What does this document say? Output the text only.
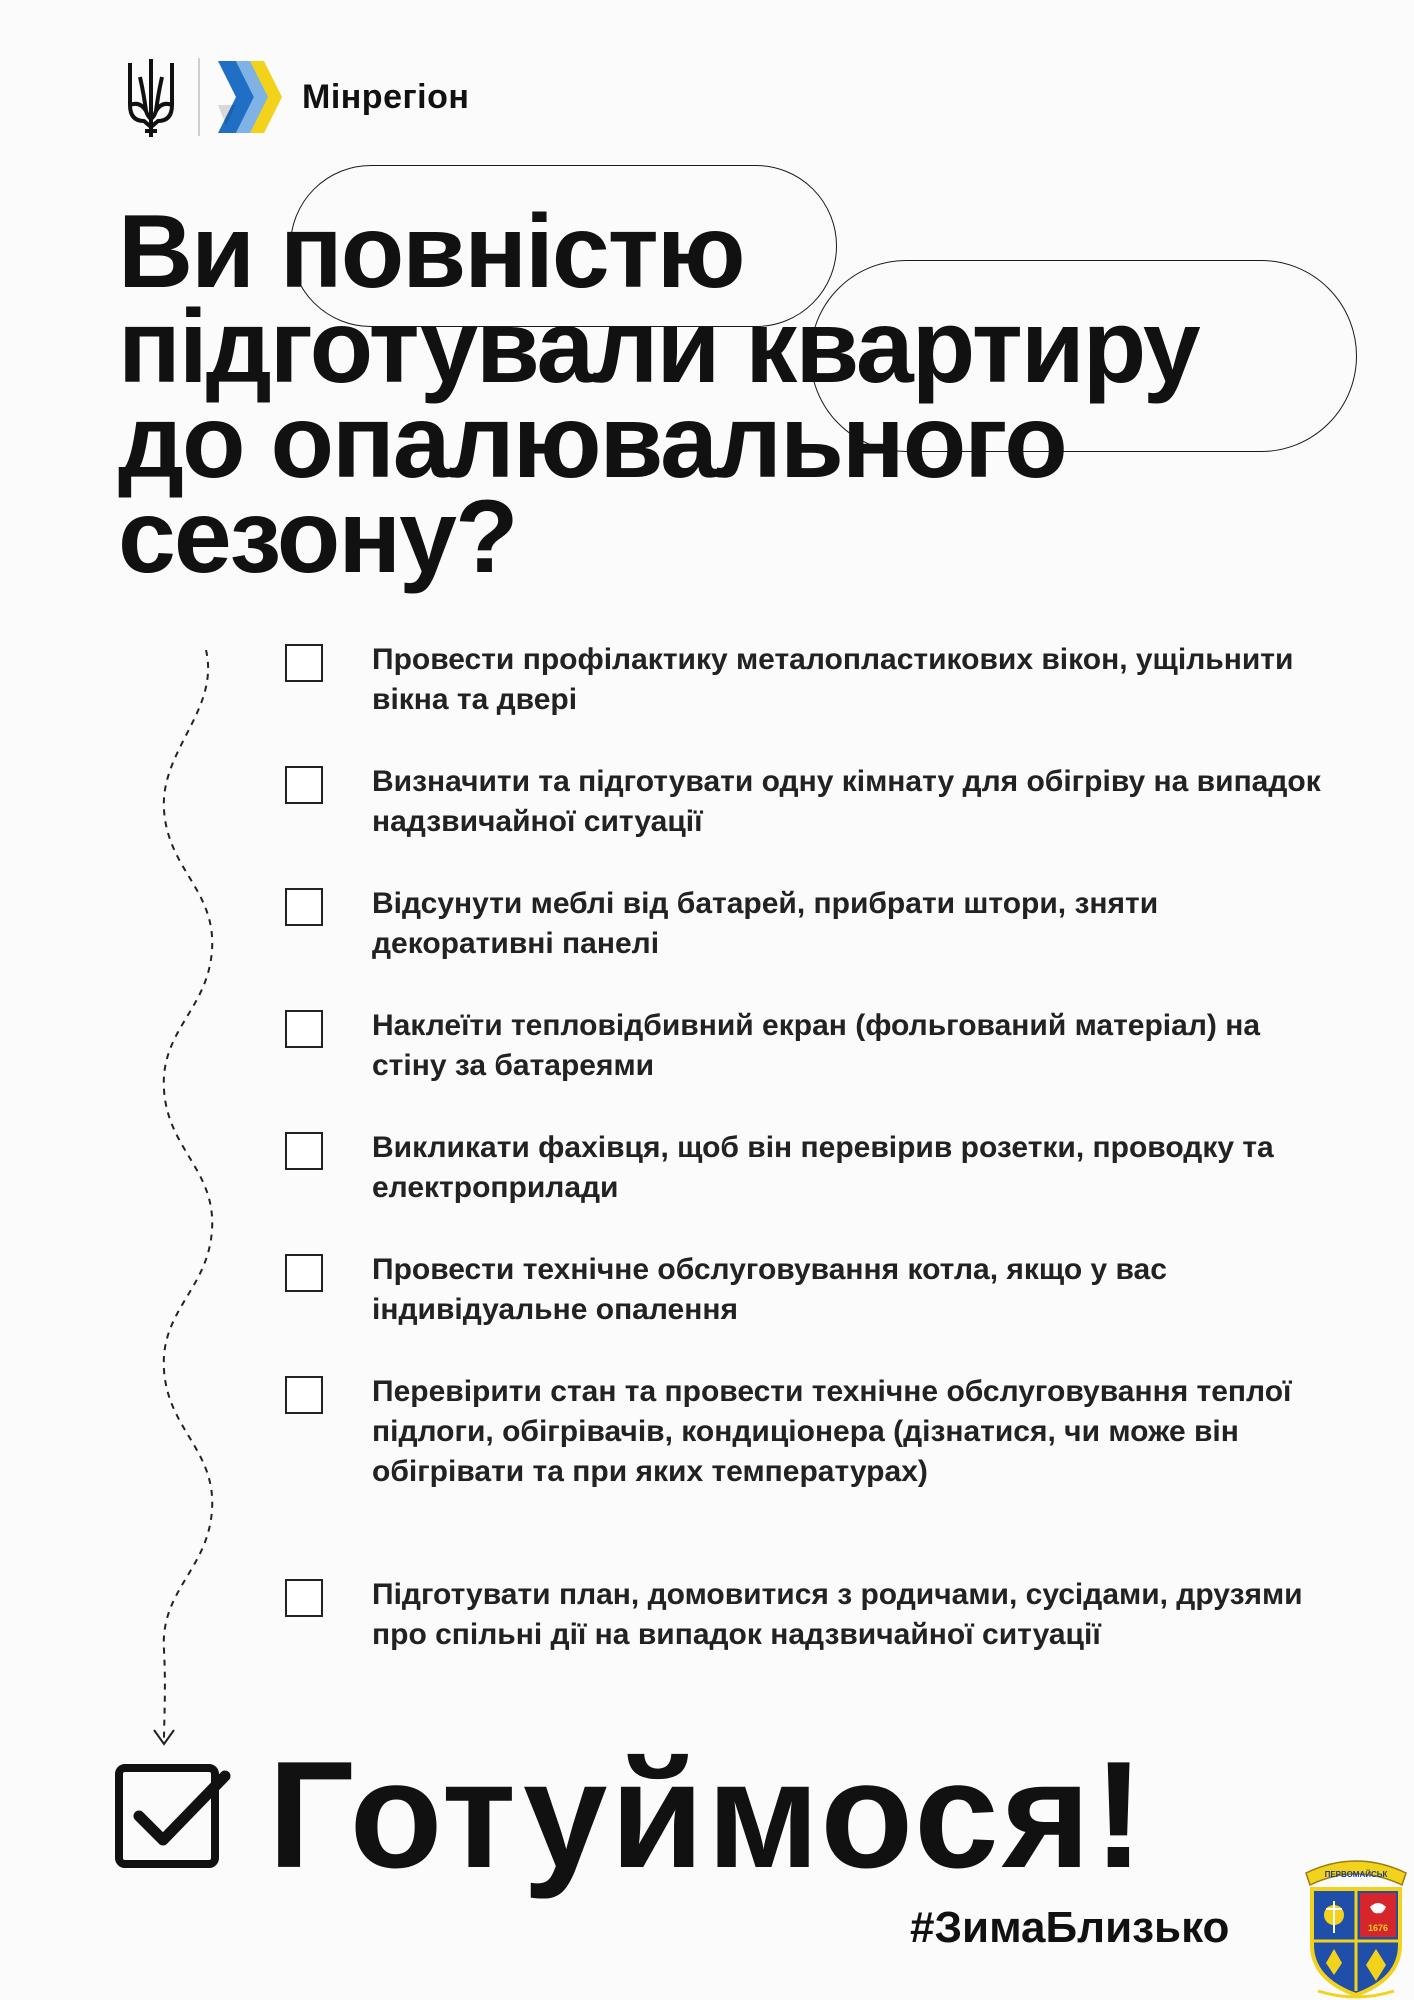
Мінрегіон
Ви повністю
підготували квартиру
до опалювального
сезону?
Провести профілактику металопластикових вікон, ущільнити вікна та двері
Визначити та підготувати одну кімнату для обігріву на випадок надзвичайної ситуації
Відсунути меблі від батарей, прибрати штори, зняти декоративні панелі
Наклеїти тепловідбивний екран (фольгований матеріал) на стіну за батареями
Викликати фахівця, щоб він перевірив розетки, проводку та електроприлади
Провести технічне обслуговування котла, якщо у вас індивідуальне опалення
Перевірити стан та провести технічне обслуговування теплої підлоги, обігрівачів, кондиціонера (дізнатися, чи може він обігрівати та при яких температурах)
Підготувати план, домовитися з родичами, сусідами, друзями про спільні дії на випадок надзвичайної ситуації
Готуймося!
#ЗимаБлизько
ПЕРВОМАЙСЬК
1676
